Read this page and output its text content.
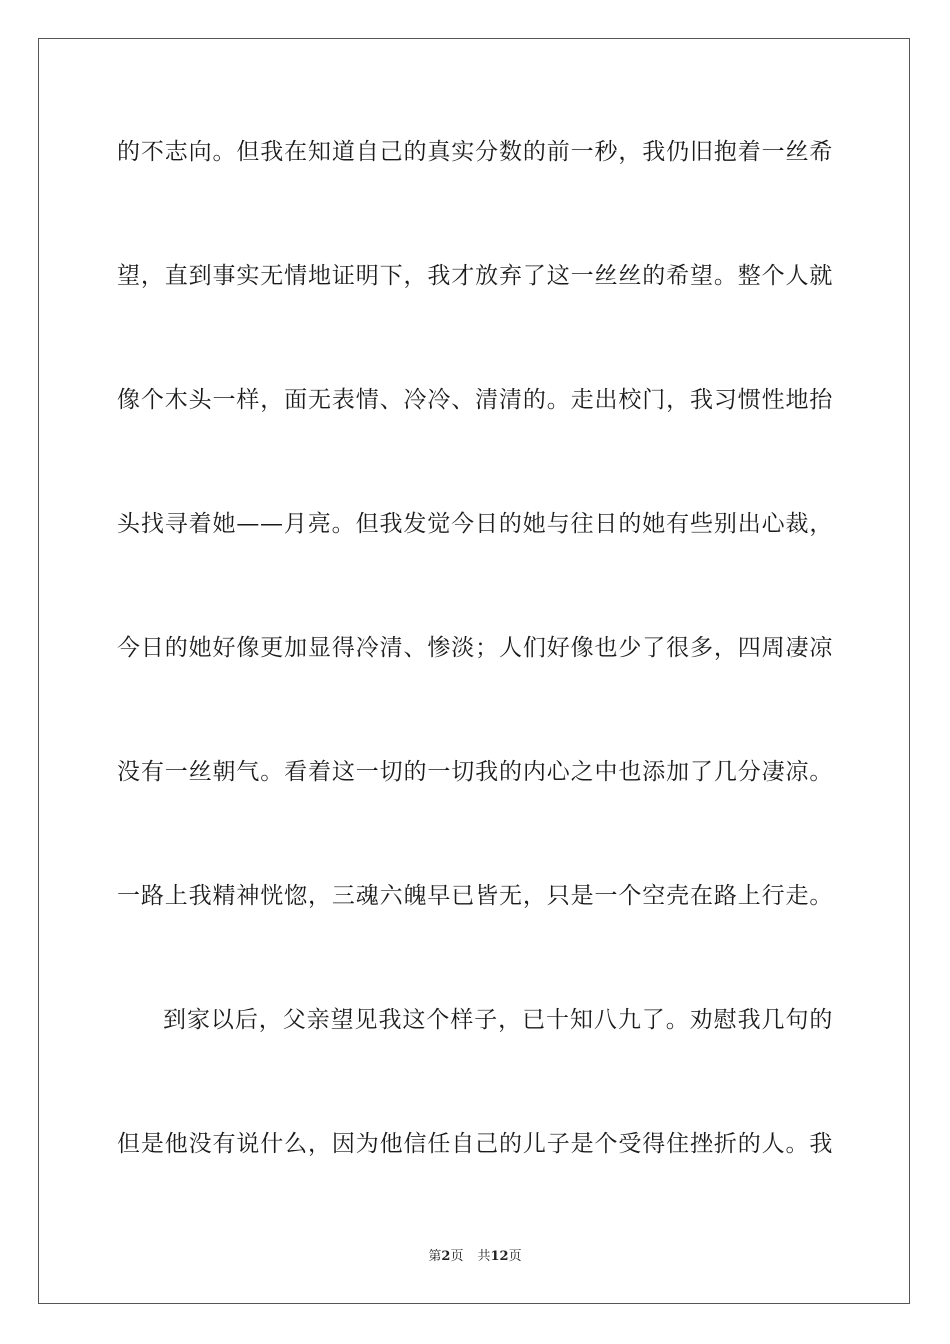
的不志向。但我在知道自己的真实分数的前一秒，我仍旧抱着一丝希
望，直到事实无情地证明下，我才放弃了这一丝丝的希望。整个人就
像个木头一样，面无表情、冷冷、清清的。走出校门，我习惯性地抬
头找寻着她——月亮。但我发觉今日的她与往日的她有些别出心裁，
今日的她好像更加显得冷清、惨淡；人们好像也少了很多，四周凄凉
没有一丝朝气。看着这一切的一切我的内心之中也添加了几分凄凉。
一路上我精神恍惚，三魂六魄早已皆无，只是一个空壳在路上行走。
到家以后，父亲望见我这个样子，已十知八九了。劝慰我几句的
但是他没有说什么，因为他信任自己的儿子是个受得住挫折的人。我
第2页 共12页
